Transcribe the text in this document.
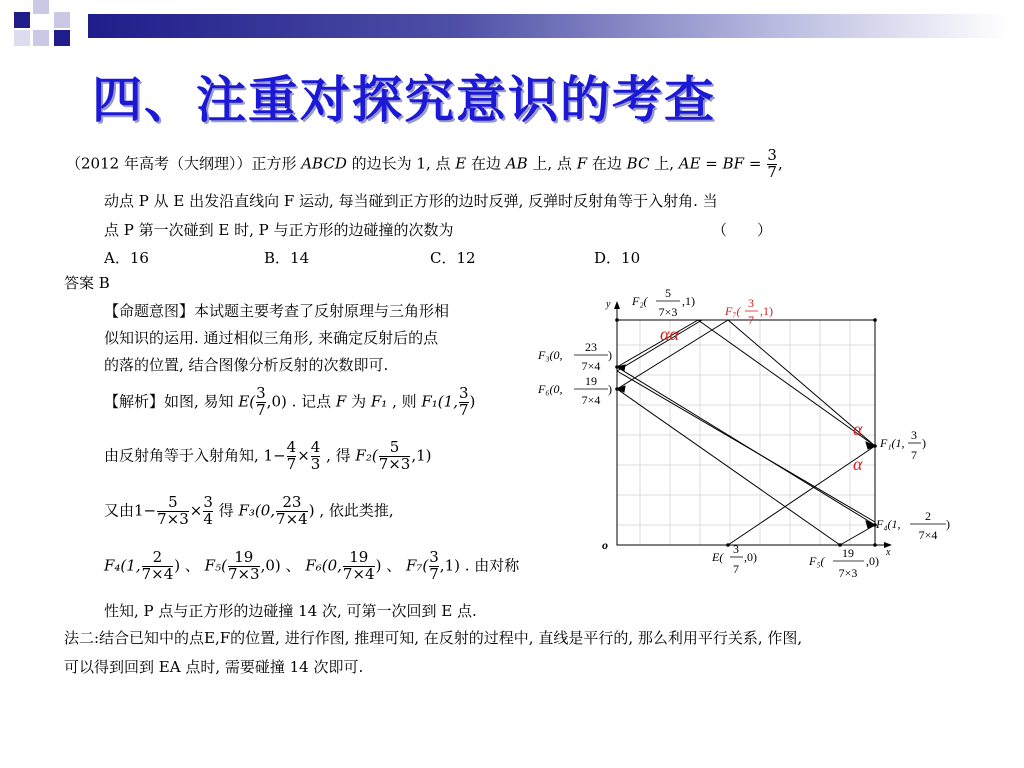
四、注重对探究意识的考查
（2012 年高考（大纲理））正方形 ABCD 的边长为 1, 点 E 在边 AB 上, 点 F 在边 BC 上, AE = BF = $\frac{3}{7}$ ,
动点 P 从 E 出发沿直线向 F 运动, 每当碰到正方形的边时反弹, 反弹时反射角等于入射角. 当
点 P 第一次碰到 E 时, P 与正方形的边碰撞的次数为	（　　）
A．16	B．14	C．12	D．10
答案 B
【命题意图】本试题主要考查了反射原理与三角形相
似知识的运用. 通过相似三角形, 来确定反射后的点
的落的位置, 结合图像分析反射的次数即可.
【解析】如图, 易知 $E( \frac{3}{7} ,0)$ . 记点 F 为 F₁ , 则 F₁(1, $\frac{3}{7}$ )
由反射角等于入射角知, $1- \frac{4}{7} \times \frac{4}{3}$ , 得 $F_2( \frac{5}{7\times 3} ,1)$
又由$1- \frac{5}{7\times 3} \times \frac{3}{4}$ 得 F₃(0, $\frac{23}{7\times 4}$ ) , 依此类推,
F₄(1, $\frac{2}{7\times 4}$ ) 、 $F_5( \frac{19}{7\times 3} ,0)$ 、 F₆(0, $\frac{19}{7\times 4}$ ) 、 $F_7( \frac{3}{7} ,1)$ . 由对称
性知, P 点与正方形的边碰撞 14 次, 可第一次回到 E 点.
法二:结合已知中的点E,F的位置, 进行作图, 推理可知, 在反射的过程中, 直线是平行的, 那么利用平行关系, 作图,
可以得到回到 EA 点时, 需要碰撞 14 次即可.
y
x
o
αα
α
α
F₂(
5
7×3
,1)
F₇(
3
7
,1)
F₃(0,
23
7×4
)
F₆(0,
19
7×4
)
F₁(1,
3
7
)
F₄(1,
2
7×4
)
E(
3
7
,0)	F₅(
19
7×3
,0)
